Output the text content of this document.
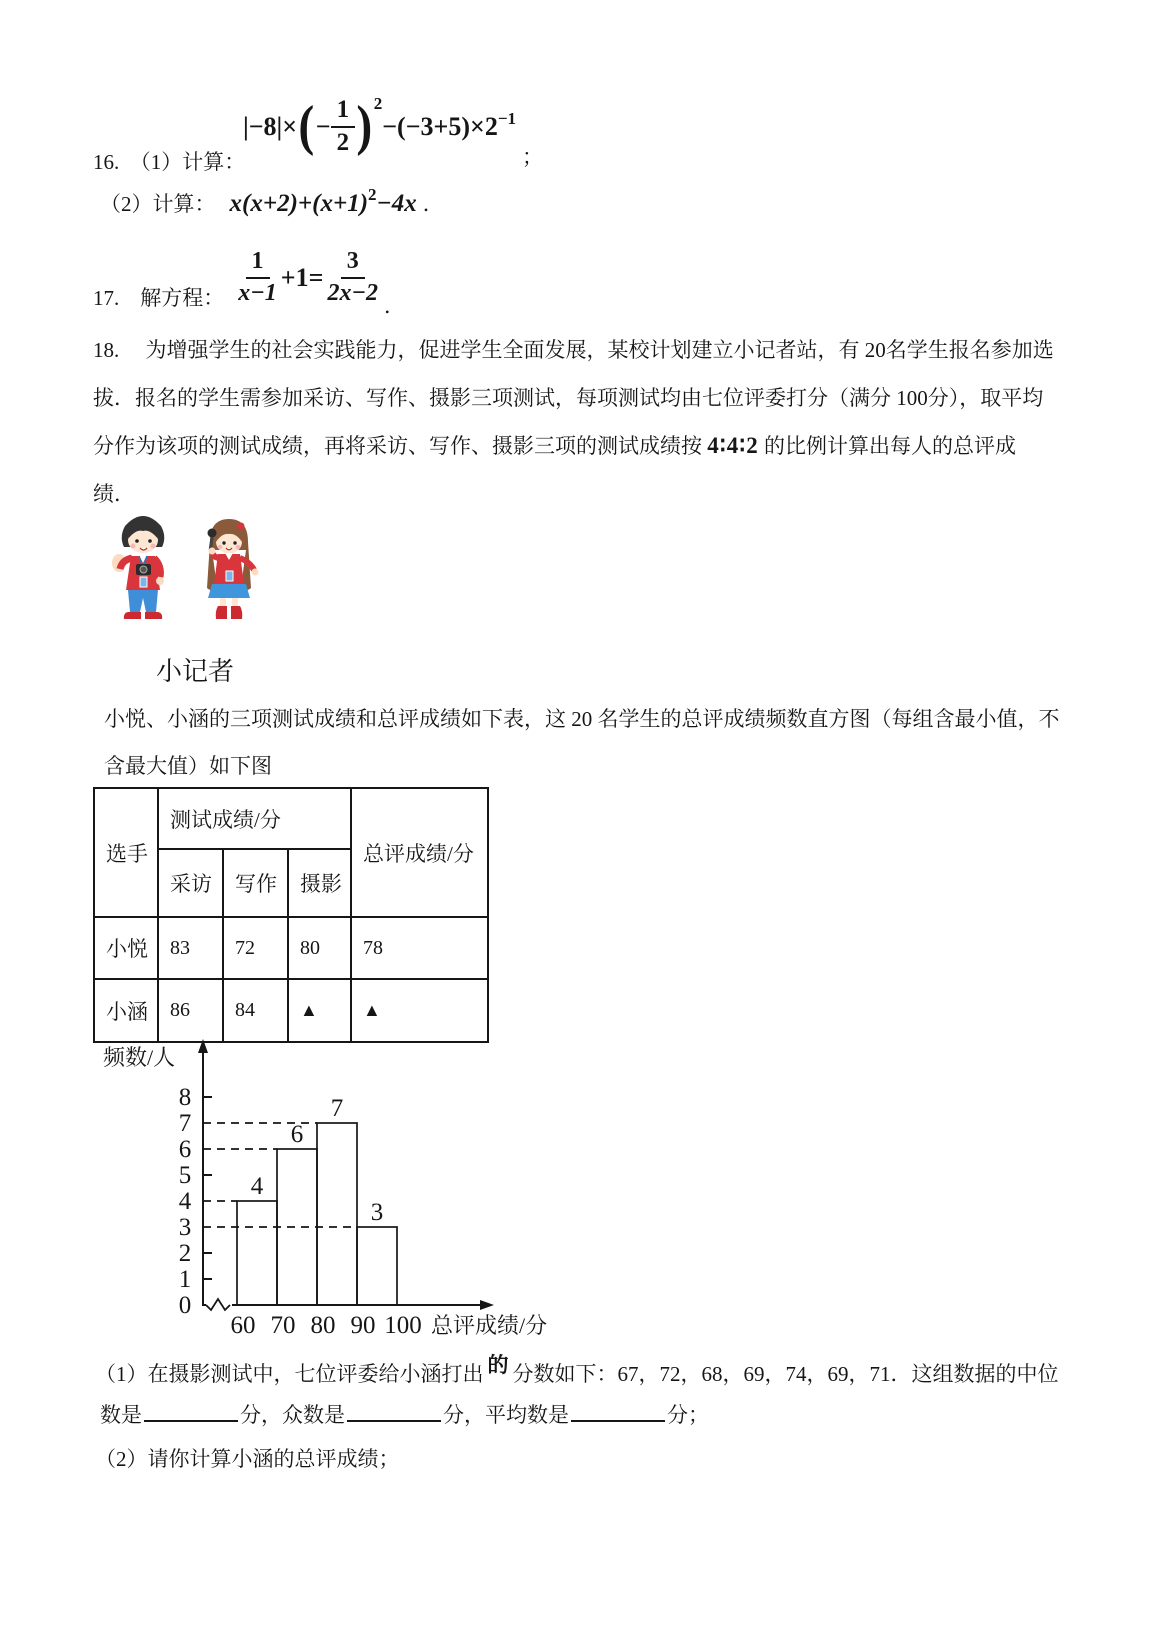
16.　（1）计算：
|−8|× ( − $\frac{1}{2}$ ) 2
$-(-3+5)\times 2^{-1}$
；
（2）计算： $x(x+2)+(x+1)^2-4x$ ．
17.　解方程： $\frac{1}{x-1} +1= \frac{3}{2x-2}$ ．
18.　 为增强学生的社会实践能力，促进学生全面发展，某校计划建立小记者站，有 20名学生报名参加选
拔．报名的学生需参加采访、写作、摄影三项测试，每项测试均由七位评委打分（满分 100分），取平均
分作为该项的测试成绩，再将采访、写作、摄影三项的测试成绩按 4∶4∶2 的比例计算出每人的总评成
绩．
小记者
小悦、小涵的三项测试成绩和总评成绩如下表，这 20 名学生的总评成绩频数直方图（每组含最小值，不
含最大值）如下图
选手	测试成绩/分			总评成绩/分
	采访	写作	摄影	
小悦	83	72	80	78
小涵	86	84	▲	▲
4
6
7
3
0
1
2
3
4
5
6
7
8
60 70 80 90 100
频数/人
总评成绩/分
（1）在摄影测试中，七位评委给小涵打出 的 分数如下：67，72，68，69，74，69，71．这组数据的中位
数是	分，众数是	分，平均数是	分；
（2）请你计算小涵的总评成绩；
